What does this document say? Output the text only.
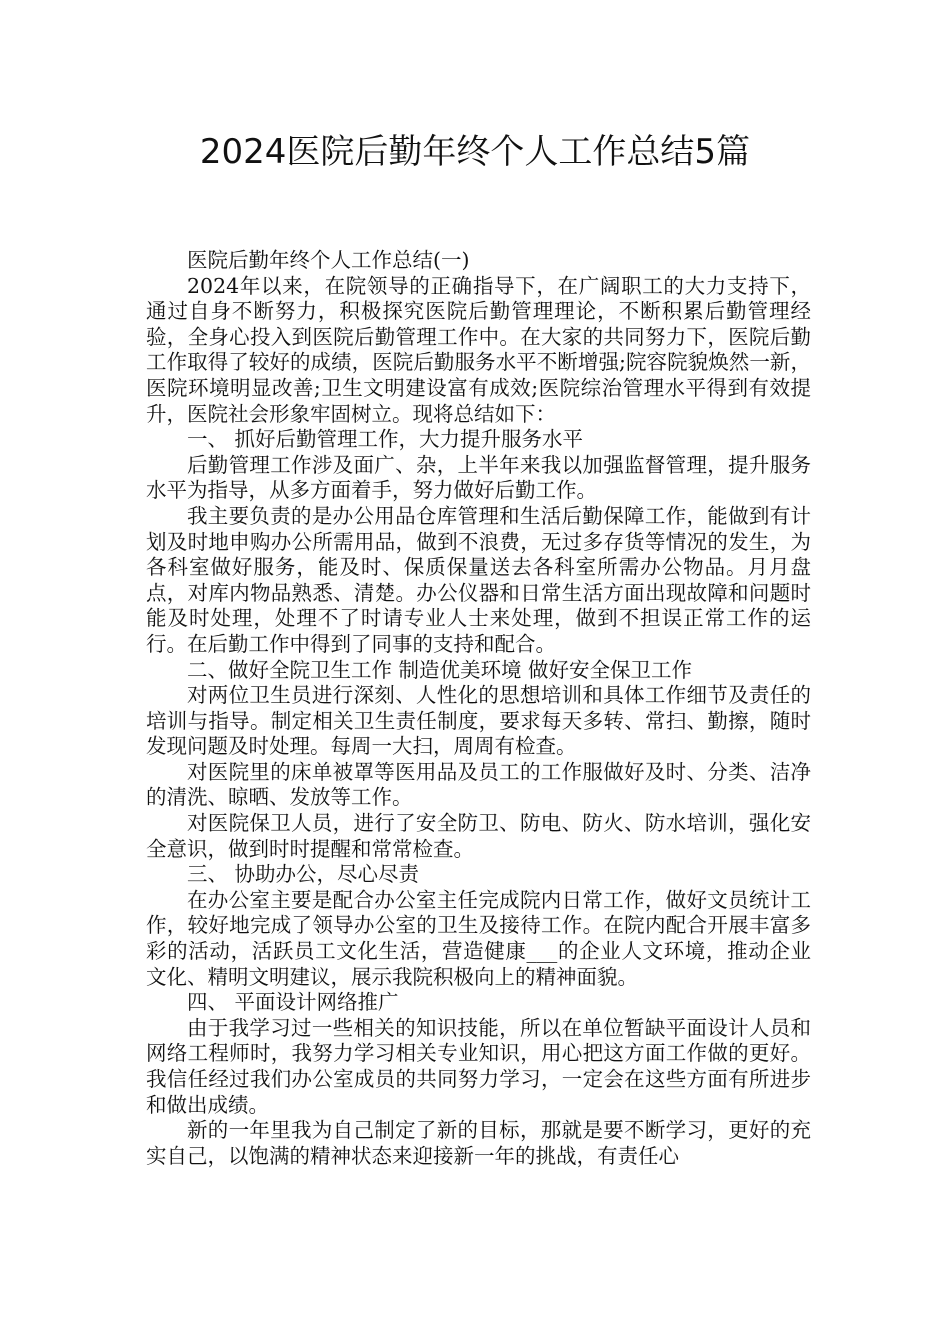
2024医院后勤年终个人工作总结5篇

医院后勤年终个人工作总结(一)

2024年以来，在院领导的正确指导下，在广阔职工的大力支持下，通过自身不断努力，积极探究医院后勤管理理论，不断积累后勤管理经验，全身心投入到医院后勤管理工作中。在大家的共同努力下，医院后勤工作取得了较好的成绩，医院后勤服务水平不断增强;院容院貌焕然一新，医院环境明显改善;卫生文明建设富有成效;医院综治管理水平得到有效提升，医院社会形象牢固树立。现将总结如下：

一、 抓好后勤管理工作，大力提升服务水平

后勤管理工作涉及面广、杂，上半年来我以加强监督管理，提升服务水平为指导，从多方面着手，努力做好后勤工作。

我主要负责的是办公用品仓库管理和生活后勤保障工作，能做到有计划及时地申购办公所需用品，做到不浪费，无过多存货等情况的发生，为各科室做好服务，能及时、保质保量送去各科室所需办公物品。月月盘点，对库内物品熟悉、清楚。办公仪器和日常生活方面出现故障和问题时能及时处理，处理不了时请专业人士来处理，做到不担误正常工作的运行。在后勤工作中得到了同事的支持和配合。

二、做好全院卫生工作 制造优美环境 做好安全保卫工作

对两位卫生员进行深刻、人性化的思想培训和具体工作细节及责任的培训与指导。制定相关卫生责任制度，要求每天多转、常扫、勤擦，随时发现问题及时处理。每周一大扫，周周有检查。

对医院里的床单被罩等医用品及员工的工作服做好及时、分类、洁净的清洗、晾晒、发放等工作。

对医院保卫人员，进行了安全防卫、防电、防火、防水培训，强化安全意识，做到时时提醒和常常检查。

三、 协助办公，尽心尽责

在办公室主要是配合办公室主任完成院内日常工作，做好文员统计工作，较好地完成了领导办公室的卫生及接待工作。在院内配合开展丰富多彩的活动，活跃员工文化生活，营造健康___的企业人文环境，推动企业文化、精明文明建议，展示我院积极向上的精神面貌。

四、 平面设计网络推广

由于我学习过一些相关的知识技能，所以在单位暂缺平面设计人员和网络工程师时，我努力学习相关专业知识，用心把这方面工作做的更好。我信任经过我们办公室成员的共同努力学习，一定会在这些方面有所进步和做出成绩。

新的一年里我为自己制定了新的目标，那就是要不断学习，更好的充实自己，以饱满的精神状态来迎接新一年的挑战，有责任心
